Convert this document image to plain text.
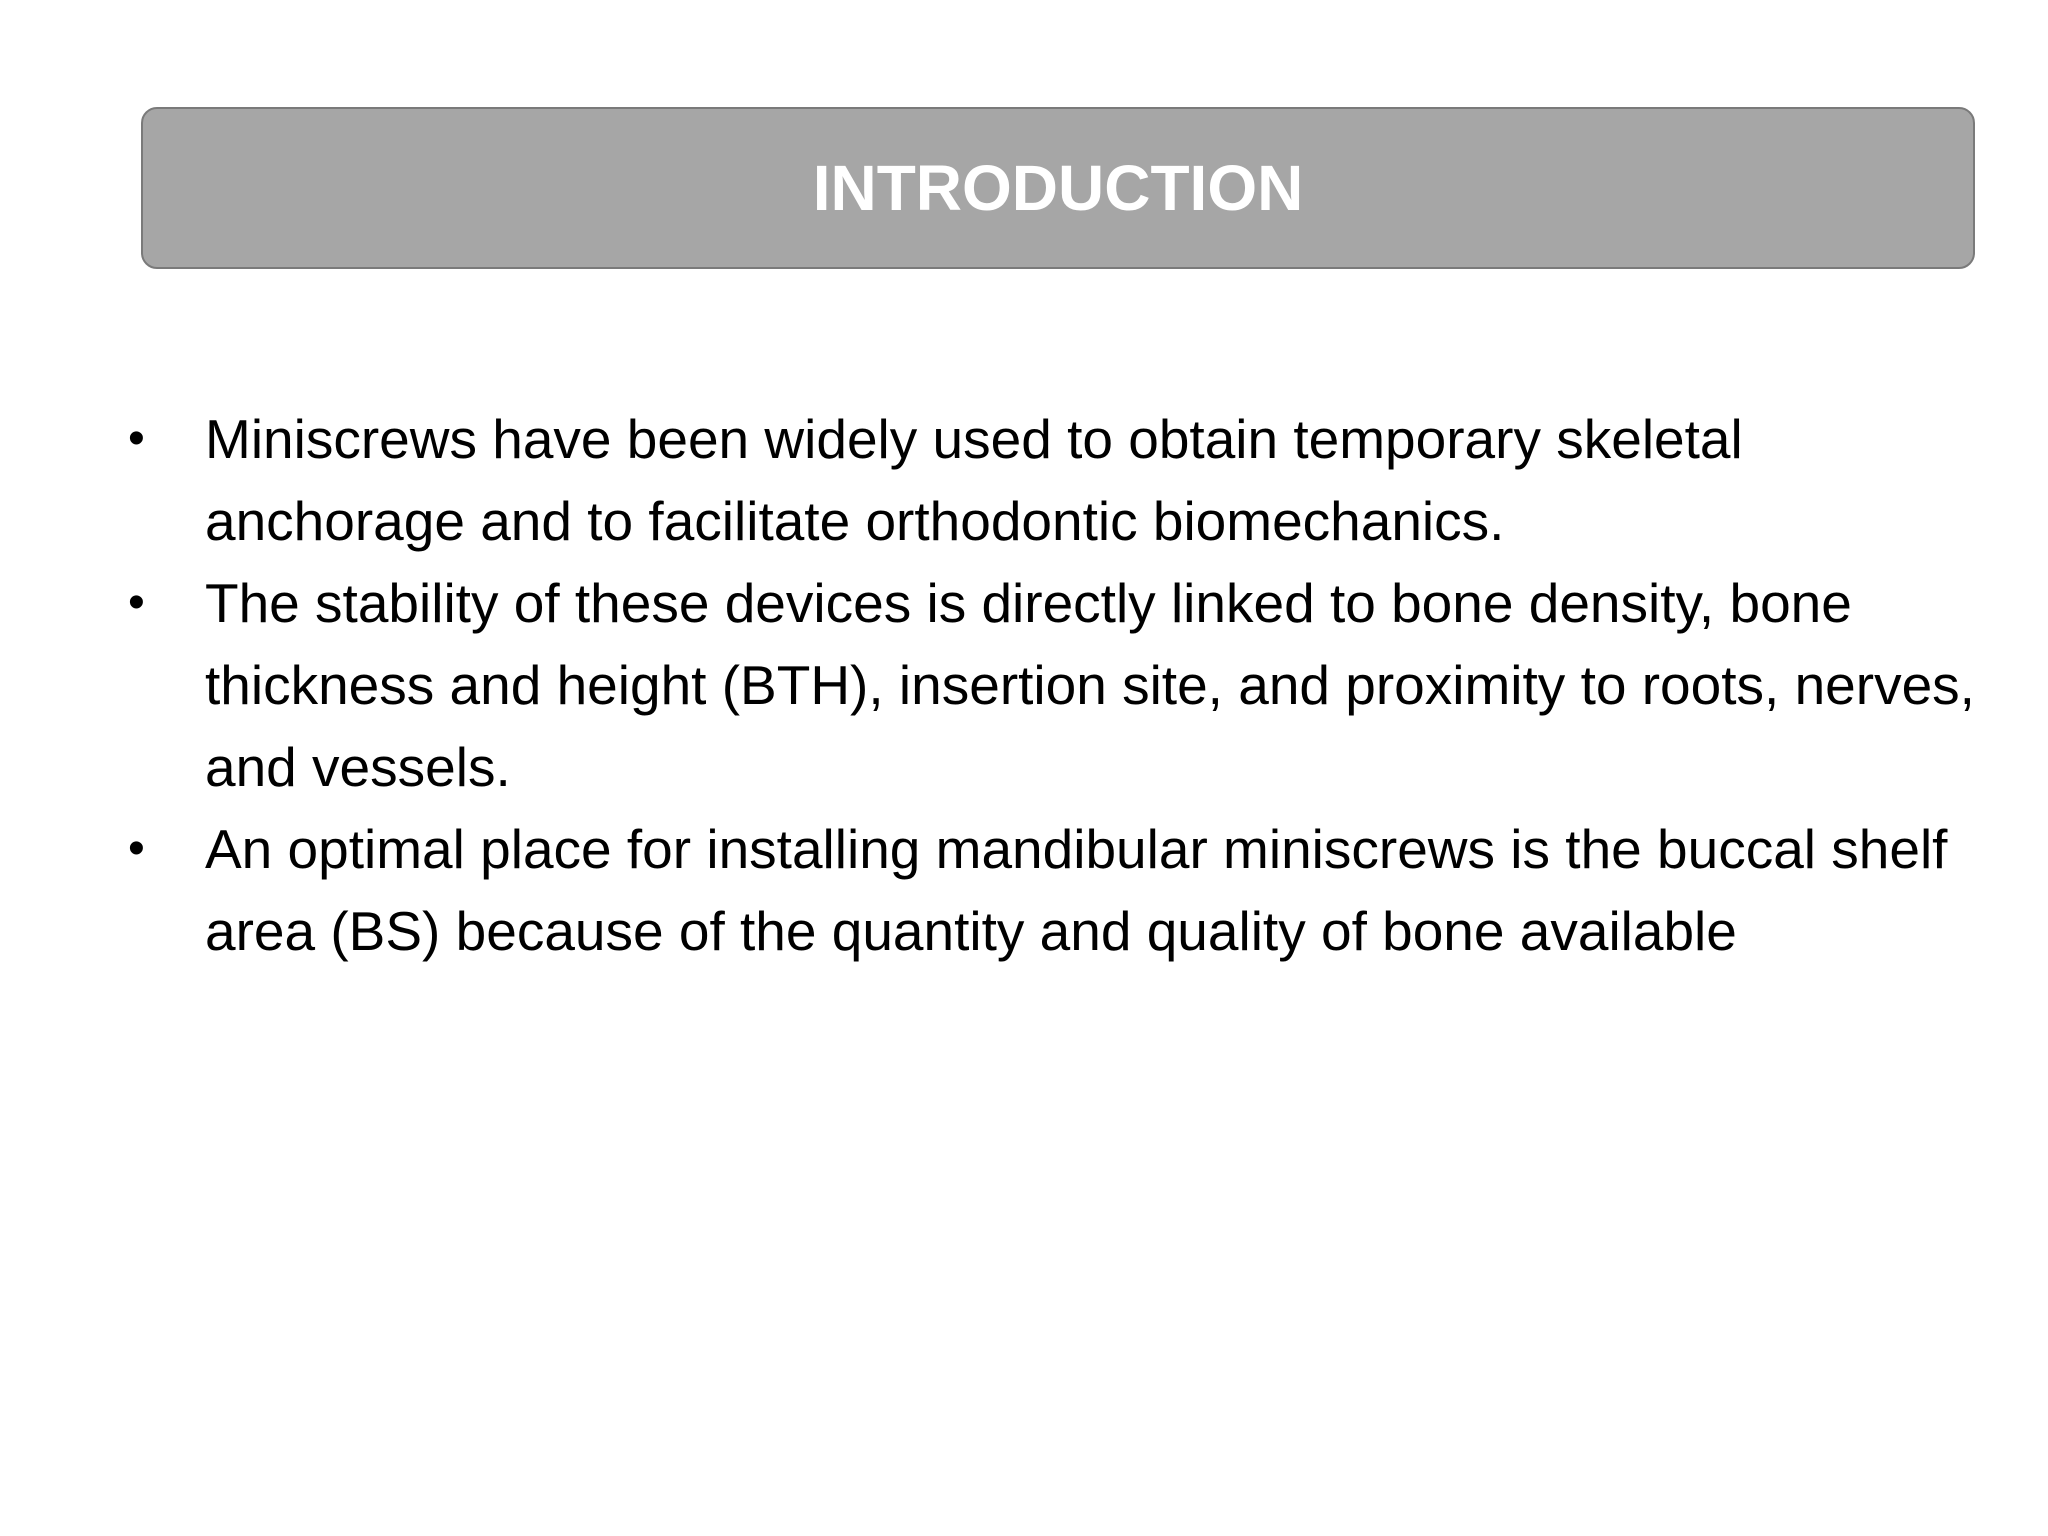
INTRODUCTION
• Miniscrews have been widely used to obtain temporary skeletal anchorage and to facilitate orthodontic biomechanics.
• The stability of these devices is directly linked to bone density, bone thickness and height (BTH), insertion site, and proximity to roots, nerves, and vessels.
• An optimal place for installing mandibular miniscrews is the buccal shelf area (BS) because of the quantity and quality of bone available
